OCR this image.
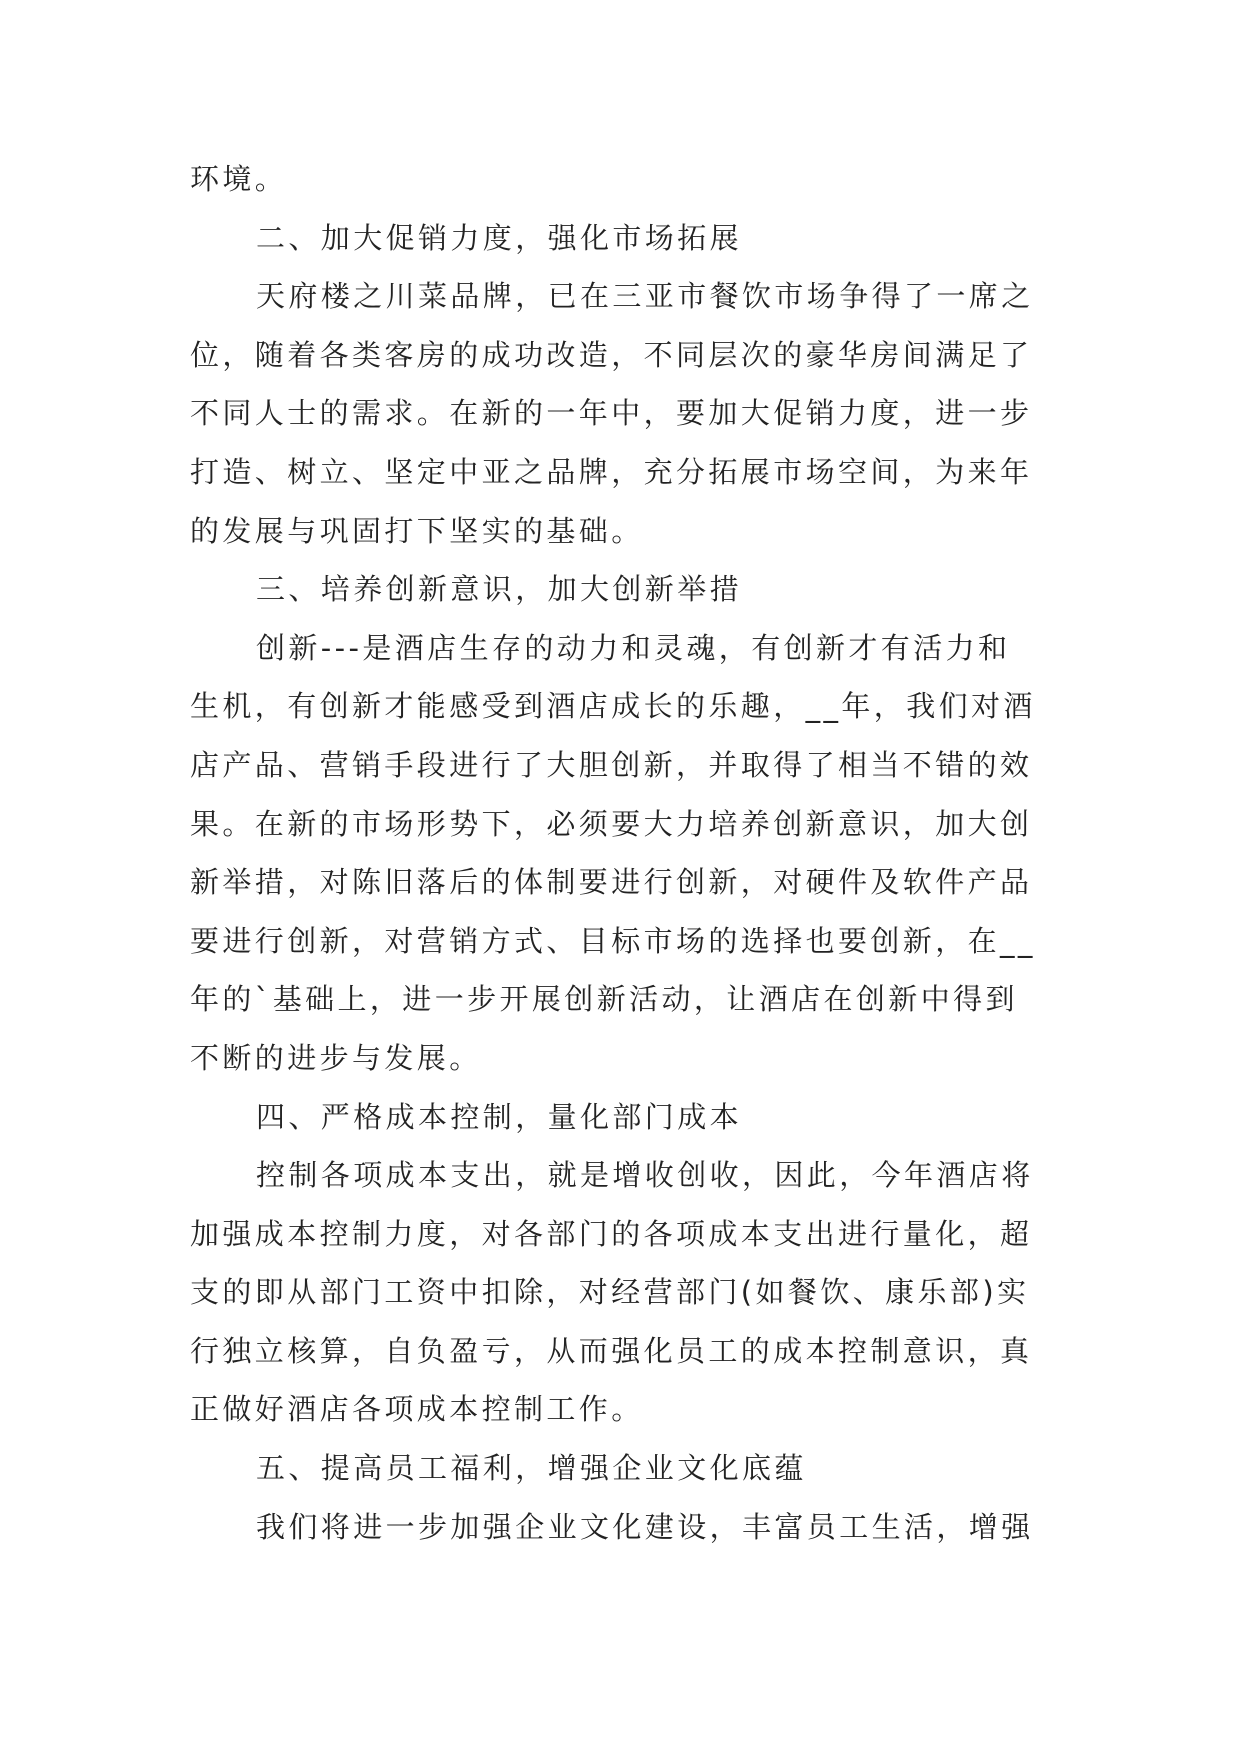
环境。
二、加大促销力度，强化市场拓展
天府楼之川菜品牌，已在三亚市餐饮市场争得了一席之
位，随着各类客房的成功改造，不同层次的豪华房间满足了
不同人士的需求。在新的一年中，要加大促销力度，进一步
打造、树立、坚定中亚之品牌，充分拓展市场空间，为来年
的发展与巩固打下坚实的基础。
三、培养创新意识，加大创新举措
创新---是酒店生存的动力和灵魂，有创新才有活力和
生机，有创新才能感受到酒店成长的乐趣，__年，我们对酒
店产品、营销手段进行了大胆创新，并取得了相当不错的效
果。在新的市场形势下，必须要大力培养创新意识，加大创
新举措，对陈旧落后的体制要进行创新，对硬件及软件产品
要进行创新，对营销方式、目标市场的选择也要创新，在__
年的`基础上，进一步开展创新活动，让酒店在创新中得到
不断的进步与发展。
四、严格成本控制，量化部门成本
控制各项成本支出，就是增收创收，因此，今年酒店将
加强成本控制力度，对各部门的各项成本支出进行量化，超
支的即从部门工资中扣除，对经营部门(如餐饮、康乐部)实
行独立核算，自负盈亏，从而强化员工的成本控制意识，真
正做好酒店各项成本控制工作。
五、提高员工福利，增强企业文化底蕴
我们将进一步加强企业文化建设，丰富员工生活，增强
